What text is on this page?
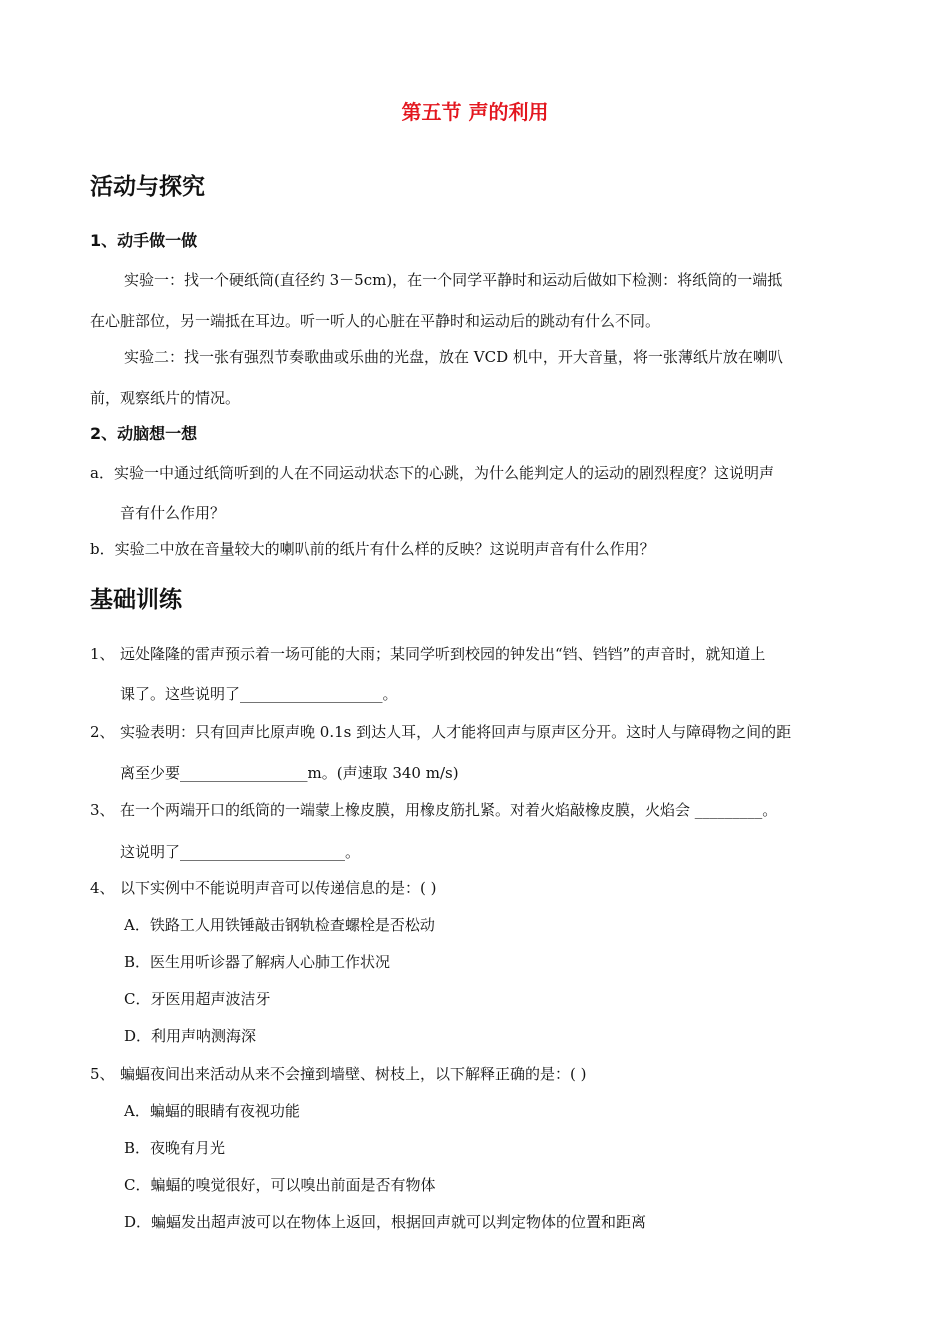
第五节 声的利用
活动与探究
1、动手做一做
实验一：找一个硬纸筒(直径约 3－5cm)，在一个同学平静时和运动后做如下检测：将纸筒的一端抵
在心脏部位，另一端抵在耳边。听一听人的心脏在平静时和运动后的跳动有什么不同。
实验二：找一张有强烈节奏歌曲或乐曲的光盘，放在 VCD 机中，开大音量，将一张薄纸片放在喇叭
前，观察纸片的情况。
2、动脑想一想
a．实验一中通过纸筒听到的人在不同运动状态下的心跳，为什么能判定人的运动的剧烈程度？这说明声
音有什么作用？
b．实验二中放在音量较大的喇叭前的纸片有什么样的反映？这说明声音有什么作用？
基础训练
1、 远处隆隆的雷声预示着一场可能的大雨；某同学听到校园的钟发出“铛、铛铛”的声音时，就知道上
课了。这些说明了___________________。
2、 实验表明：只有回声比原声晚 0.1s 到达人耳，人才能将回声与原声区分开。这时人与障碍物之间的距
离至少要_________________m。(声速取 340 m/s)
3、 在一个两端开口的纸筒的一端蒙上橡皮膜，用橡皮筋扎紧。对着火焰敲橡皮膜，火焰会 _________。
这说明了______________________。
4、 以下实例中不能说明声音可以传递信息的是：( )
A．铁路工人用铁锤敲击钢轨检查螺栓是否松动
B．医生用听诊器了解病人心肺工作状况
C．牙医用超声波洁牙
D．利用声呐测海深
5、 蝙蝠夜间出来活动从来不会撞到墙壁、树枝上，以下解释正确的是：( )
A．蝙蝠的眼睛有夜视功能
B．夜晚有月光
C．蝙蝠的嗅觉很好，可以嗅出前面是否有物体
D．蝙蝠发出超声波可以在物体上返回，根据回声就可以判定物体的位置和距离
